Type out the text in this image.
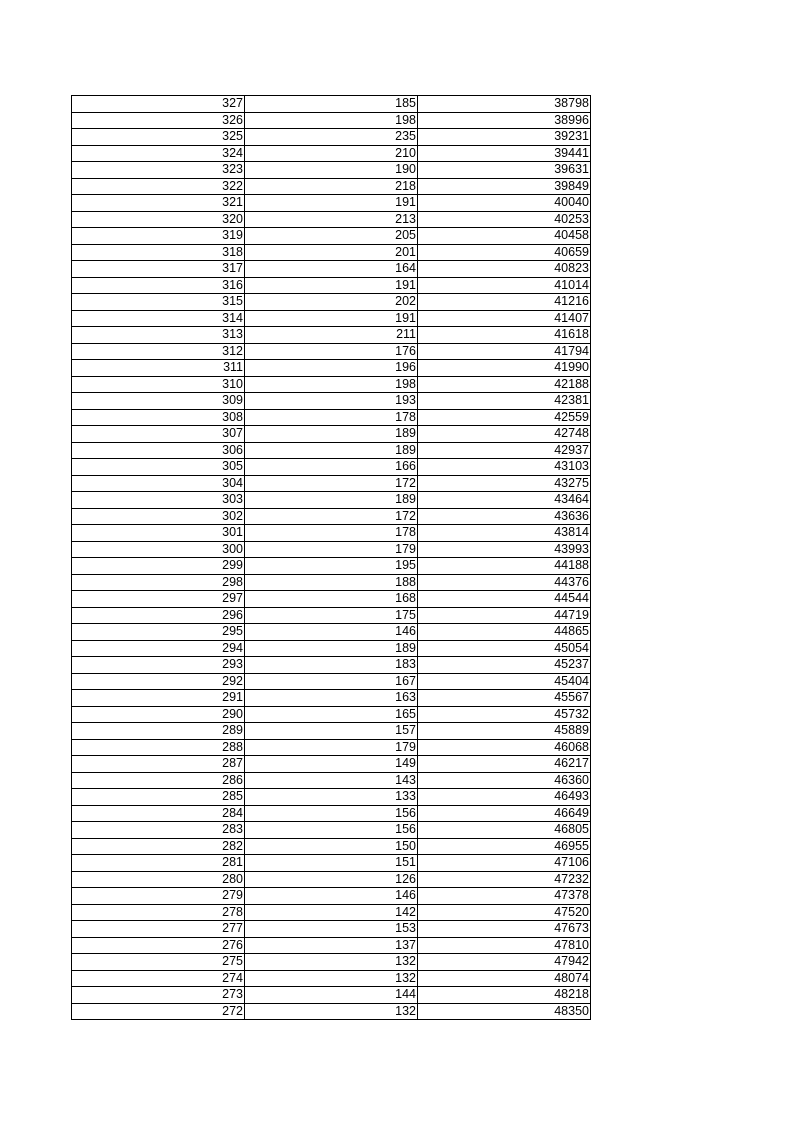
327	185	38798
326	198	38996
325	235	39231
324	210	39441
323	190	39631
322	218	39849
321	191	40040
320	213	40253
319	205	40458
318	201	40659
317	164	40823
316	191	41014
315	202	41216
314	191	41407
313	211	41618
312	176	41794
311	196	41990
310	198	42188
309	193	42381
308	178	42559
307	189	42748
306	189	42937
305	166	43103
304	172	43275
303	189	43464
302	172	43636
301	178	43814
300	179	43993
299	195	44188
298	188	44376
297	168	44544
296	175	44719
295	146	44865
294	189	45054
293	183	45237
292	167	45404
291	163	45567
290	165	45732
289	157	45889
288	179	46068
287	149	46217
286	143	46360
285	133	46493
284	156	46649
283	156	46805
282	150	46955
281	151	47106
280	126	47232
279	146	47378
278	142	47520
277	153	47673
276	137	47810
275	132	47942
274	132	48074
273	144	48218
272	132	48350
